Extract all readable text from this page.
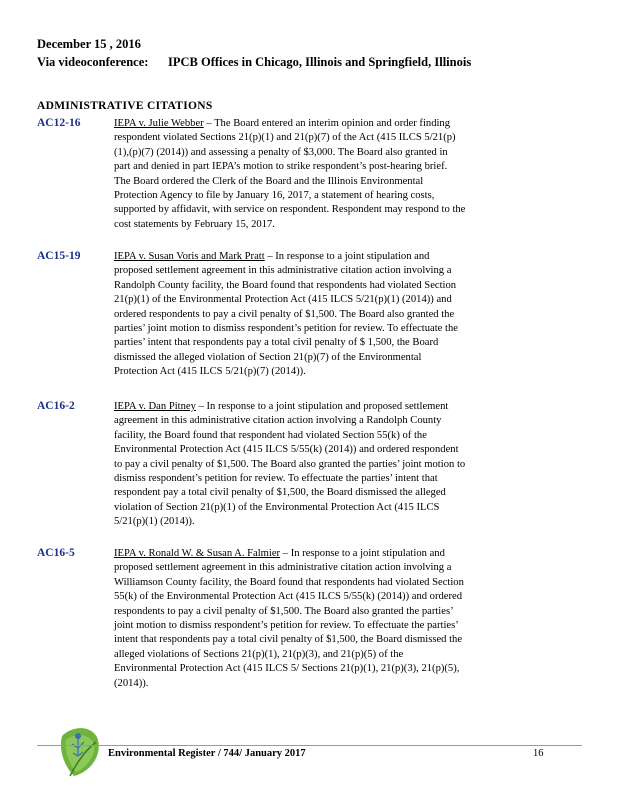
December 15 , 2016
Via videoconference: IPCB Offices in Chicago, Illinois and Springfield, Illinois
ADMINISTRATIVE CITATIONS
AC12-16	IEPA v. Julie Webber – The Board entered an interim opinion and order finding respondent violated Sections 21(p)(1) and 21(p)(7) of the Act (415 ILCS 5/21(p)(1),(p)(7) (2014)) and assessing a penalty of $3,000. The Board also granted in part and denied in part IEPA’s motion to strike respondent’s post-hearing brief. The Board ordered the Clerk of the Board and the Illinois Environmental Protection Agency to file by January 16, 2017, a statement of hearing costs, supported by affidavit, with service on respondent. Respondent may respond to the cost statements by February 15, 2017.
AC15-19	IEPA v. Susan Voris and Mark Pratt – In response to a joint stipulation and proposed settlement agreement in this administrative citation action involving a Randolph County facility, the Board found that respondents had violated Section 21(p)(1) of the Environmental Protection Act (415 ILCS 5/21(p)(1) (2014)) and ordered respondents to pay a civil penalty of $1,500. The Board also granted the parties’ joint motion to dismiss respondent’s petition for review. To effectuate the parties’ intent that respondents pay a total civil penalty of $ 1,500, the Board dismissed the alleged violation of Section 21(p)(7) of the Environmental Protection Act (415 ILCS 5/21(p)(7) (2014)).
AC16-2	IEPA v. Dan Pitney – In response to a joint stipulation and proposed settlement agreement in this administrative citation action involving a Randolph County facility, the Board found that respondent had violated Section 55(k) of the Environmental Protection Act (415 ILCS 5/55(k) (2014)) and ordered respondent to pay a civil penalty of $1,500. The Board also granted the parties’ joint motion to dismiss respondent’s petition for review. To effectuate the parties’ intent that respondent pay a total civil penalty of $1,500, the Board dismissed the alleged violation of Section 21(p)(1) of the Environmental Protection Act (415 ILCS 5/21(p)(1) (2014)).
AC16-5	IEPA v. Ronald W. & Susan A. Falmier – In response to a joint stipulation and proposed settlement agreement in this administrative citation action involving a Williamson County facility, the Board found that respondents had violated Section 55(k) of the Environmental Protection Act (415 ILCS 5/55(k) (2014)) and ordered respondents to pay a civil penalty of $1,500. The Board also granted the parties’ joint motion to dismiss respondent’s petition for review. To effectuate the parties’ intent that respondents pay a total civil penalty of $1,500, the Board dismissed the alleged violations of Sections 21(p)(1), 21(p)(3), and 21(p)(5) of the Environmental Protection Act (415 ILCS 5/ Sections 21(p)(1), 21(p)(3), 21(p)(5), (2014)).
Environmental Register / 744/ January 2017	16
